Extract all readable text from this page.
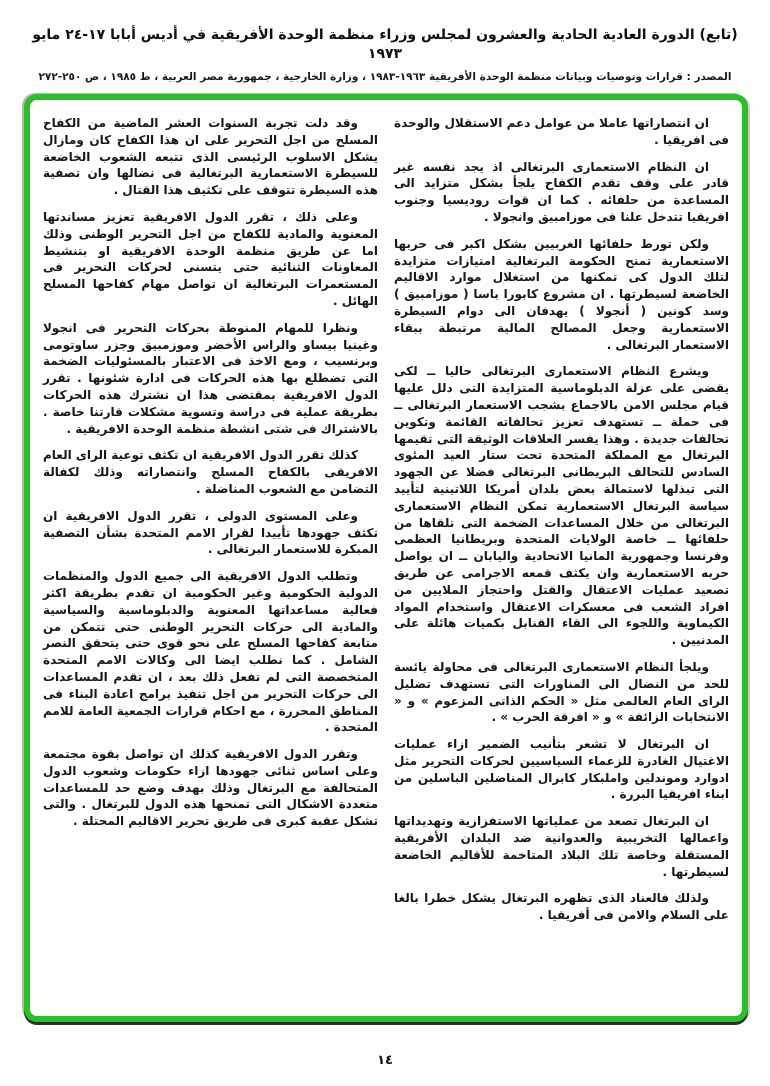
(تابع) الدورة العادية الحادية والعشرون لمجلس وزراء منظمة الوحدة الأفريقية في أديس أبابا ١٧-٢٤ مايو ١٩٧٣
المصدر : قرارات وتوصيات وبيانات منظمة الوحدة الأفريقية ١٩٦٣-١٩٨٣ ، وزارة الخارجية ، جمهورية مصر العربية ، ط ١٩٨٥ ، ص ٢٥٠-٢٧٢

ان انتصاراتها عاملا من عوامل دعم الاستقلال والوحدة فى افريقيا .

ان النظام الاستعمارى البرتغالى اذ يجد نفسه غير قادر على وقف تقدم الكفاح يلجأ بشكل متزايد الى المساعدة من حلفائه . كما ان قوات روديسيا وجنوب افريقيا تتدخل علنا فى موزامبيق وانجولا .

ولكن تورط حلفائها الغربيين بشكل اكبر فى حربها الاستعمارية تمنح الحكومة البرتغالية امتيازات متزايدة لتلك الدول كى تمكنها من استغلال موارد الاقاليم الخاضعة لسيطرتها . ان مشروع كابورا باسا ( موزامبيق ) وسد كونين ( أنجولا ) يهدفان الى دوام السيطرة الاستعمارية وجعل المصالح المالية مرتبطة ببقاء الاستعمار البرتغالى .

ويشرع النظام الاستعمارى البرتغالى حاليا ــ لكى يقضى على عزلة الدبلوماسية المتزايدة التى دلل عليها قيام مجلس الامن بالاجماع بشجب الاستعمار البرتغالى ــ فى حملة ــ تستهدف تعزيز تحالفاته القائمة وتكوين تحالفات جديدة . وهذا يفسر العلاقات الوثيقة التى تقيمها البرتغال مع المملكة المتحدة تحت ستار العيد المئوى السادس للتحالف البريطانى البرتغالى فضلا عن الجهود التى تبذلها لاستمالة بعض بلدان أمريكا اللاتينية لتأييد سياسة البرتغال الاستعمارية تمكن النظام الاستعمارى البرتغالى من خلال المساعدات الضخمة التى تلقاها من حلفائها ــ خاصة الولايات المتحدة وبريطانيا العظمى وفرنسا وجمهورية المانيا الاتحادية واليابان ــ ان يواصل حربه الاستعمارية وان يكثف قمعه الاجرامى عن طريق تصعيد عمليات الاعتقال والقتل واحتجاز الملايين من افراد الشعب فى معسكرات الاعتقال واستخدام المواد الكيماوية واللجوء الى القاء القنابل بكميات هائلة على المدنيين .

ويلجأ النظام الاستعمارى البرتغالى فى محاولة يائسة للحد من النضال الى المناورات التى تستهدف تضليل الراى العام العالمى مثل « الحكم الذاتى المزعوم » و « الانتخابات الزائفة » و « افرقة الحرب » .

ان البرتغال لا تشعر بتأنيب الضمير ازاء عمليات الاغتيال الغادرة للزعماء السياسيين لحركات التحرير مثل ادوارد وموندلين واملبكار كابرال المناضلين الباسلين من ابناء افريقيا البررة .

ان البرتغال تصعد من عملياتها الاستفزازية وتهديداتها واعمالها التخريبية والعدوانية ضد البلدان الأفريقية المستقلة وخاصة تلك البلاد المتاخمة للأقاليم الخاضعة لسيطرتها .

ولذلك فالعناد الذى تظهره البرتغال يشكل خطرا بالغا على السلام والامن فى أفريقيا .

وقد دلت تجربة السنوات العشر الماضية من الكفاح المسلح من اجل التحرير على ان هذا الكفاح كان ومازال يشكل الاسلوب الرئيسى الذى تتبعه الشعوب الخاضعة للسيطرة الاستعمارية البرتغالية فى نضالها وان تصفية هذه السيطرة تتوقف على تكثيف هذا القتال .

وعلى ذلك ، تقرر الدول الافريقية تعزيز مساندتها المعنوية والمادية للكفاح من اجل التحرير الوطنى وذلك اما عن طريق منظمة الوحدة الافريقية او بتنشيط المعاونات الثنائية حتى يتسنى لحركات التحرير فى المستعمرات البرتغالية ان تواصل مهام كفاحها المسلح الهائل .

ونظرا للمهام المنوطة بحركات التحرير فى انجولا وغينيا بيساو والراس الأخضر وموزمبيق وجزر ساوتومى وبرنسيب ، ومع الاخذ فى الاعتبار بالمسئوليات الضخمة التى تضطلع بها هذه الحركات فى ادارة شئونها . تقرر الدول الافريقية بمقتضى هذا ان تشترك هذه الحركات بطريقة عملية فى دراسة وتسوية مشكلات قارتنا خاصة . بالاشتراك فى شتى انشطة منظمة الوحدة الافريقية .

كذلك تقرر الدول الافريقية ان تكثف توعية الراى العام الافريقى بالكفاح المسلح وانتصاراته وذلك لكفالة التضامن مع الشعوب المناضلة .

وعلى المستوى الدولى ، تقرر الدول الافريقية ان تكثف جهودها تأييدا لقرار الامم المتحدة بشأن التصفية المبكرة للاستعمار البرتغالى .

وتطلب الدول الافريقية الى جميع الدول والمنظمات الدولية الحكومية وغير الحكومية ان تقدم بطريقة اكثر فعالية مساعداتها المعنوية والدبلوماسية والسياسية والمادية الى حركات التحرير الوطنى حتى تتمكن من متابعة كفاحها المسلح على نحو قوى حتى يتحقق النصر الشامل . كما نطلب ايضا الى وكالات الامم المتحدة المتخصصة التى لم تفعل ذلك بعد ، ان تقدم المساعدات الى حركات التحرير من اجل تنفيذ برامج اعادة البناء فى المناطق المحررة ، مع احكام قرارات الجمعية العامة للامم المتحدة .

وتقرر الدول الافريقية كذلك ان تواصل بقوة مجتمعة وعلى اساس ثنائى جهودها ازاء حكومات وشعوب الدول المتحالفة مع البرتغال وذلك بهدف وضع حد للمساعدات متعددة الاشكال التى تمنحها هذه الدول للبرتغال . والتى تشكل عقبة كبرى فى طريق تحرير الاقاليم المحتلة .

١٤
